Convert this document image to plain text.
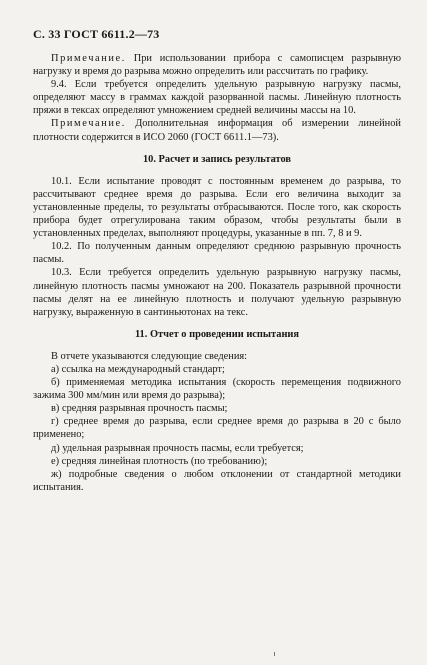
С. 33 ГОСТ 6611.2—73

Примечание. При использовании прибора с самописцем разрывную нагрузку и время до разрыва можно определить или рассчитать по графику.

9.4. Если требуется определить удельную разрывную нагрузку пасмы, определяют массу в граммах каждой разорванной пасмы. Линейную плотность пряжи в тексах определяют умножением средней величины массы на 10.

Примечание. Дополнительная информация об измерении линейной плотности содержится в ИСО 2060 (ГОСТ 6611.1—73).

10. Расчет и запись результатов

10.1. Если испытание проводят с постоянным временем до разрыва, то рассчитывают среднее время до разрыва. Если его величина выходит за установленные пределы, то результаты отбрасываются. После того, как скорость прибора будет отрегулирована таким образом, чтобы результаты были в установленных пределах, выполняют процедуры, указанные в пп. 7, 8 и 9.

10.2. По полученным данным определяют среднюю разрывную прочность пасмы.

10.3. Если требуется определить удельную разрывную нагрузку пасмы, линейную плотность пасмы умножают на 200. Показатель разрывной прочности пасмы делят на ее линейную плотность и получают удельную разрывную нагрузку, выраженную в сантиньютонах на текс.

11. Отчет о проведении испытания

В отчете указываются следующие сведения:

а) ссылка на международный стандарт;

б) применяемая методика испытания (скорость перемещения подвижного зажима 300 мм/мин или время до разрыва);

в) средняя разрывная прочность пасмы;

г) среднее время до разрыва, если среднее время до разрыва в 20 с было применено;

д) удельная разрывная прочность пасмы, если требуется;

е) средняя линейная плотность (по требованию);

ж) подробные сведения о любом отклонении от стандартной методики испытания.
